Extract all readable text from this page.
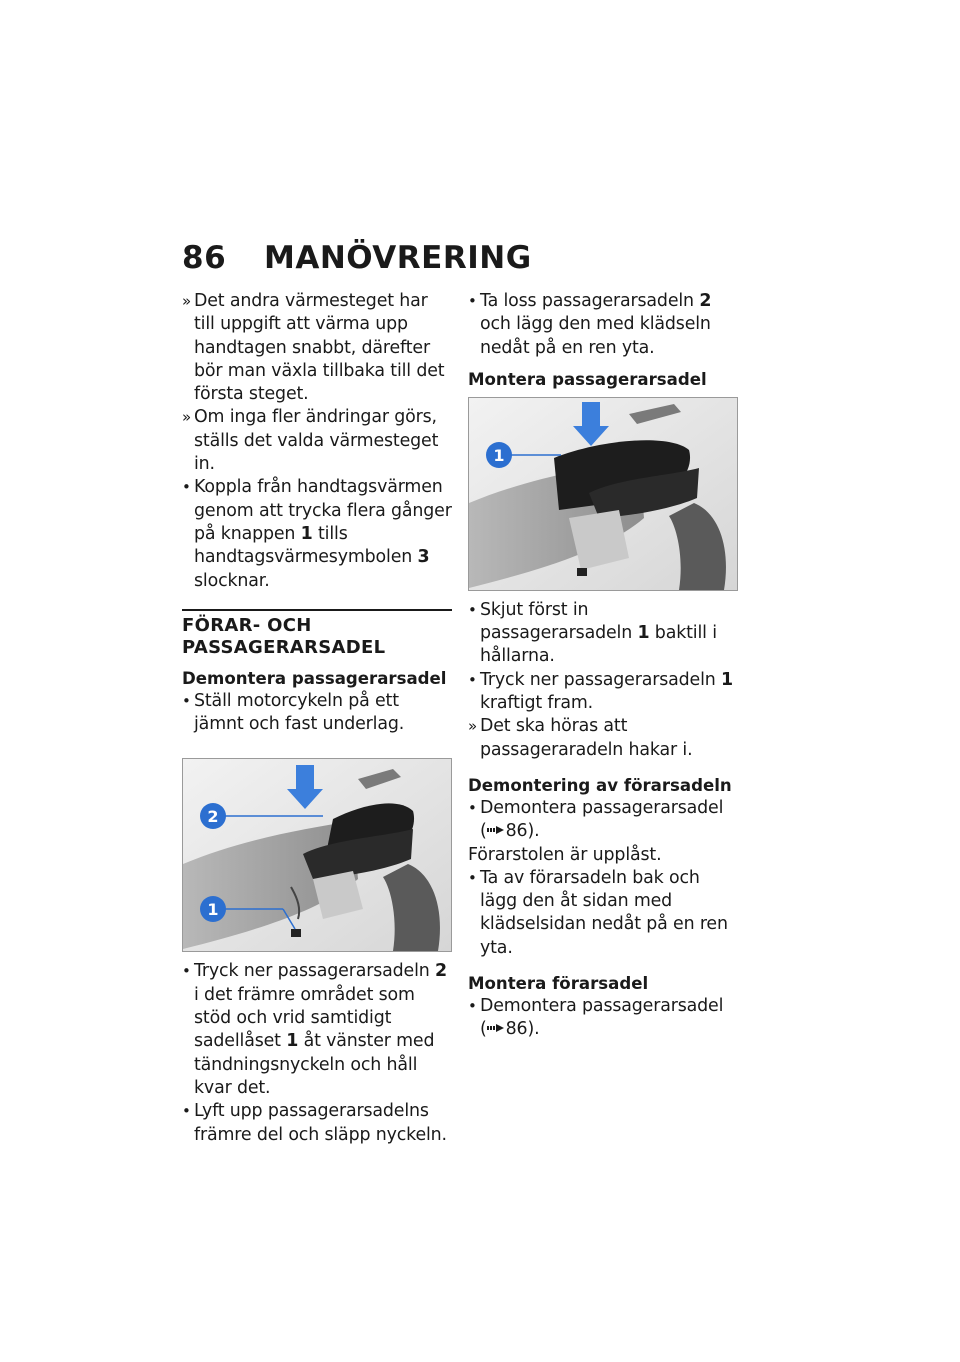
86	MANÖVRERING
» Det andra värmesteget har till uppgift att värma upp handtagen snabbt, därefter bör man växla tillbaka till det första steget.
» Om inga fler ändringar görs, ställs det valda värmesteget in.
• Koppla från handtagsvärmen genom att trycka flera gånger på knappen 1 tills handtagsvärmesymbolen 3 slocknar.
FÖRAR- OCH PASSAGERARSADEL
Demontera passagerarsadel
• Ställ motorcykeln på ett jämnt och fast underlag.
2
1
• Tryck ner passagerarsadeln 2 i det främre området som stöd och vrid samtidigt sadellåset 1 åt vänster med tändningsnyckeln och håll kvar det.
• Lyft upp passagerarsadelns främre del och släpp nyckeln.
• Ta loss passagerarsadeln 2 och lägg den med klädseln nedåt på en ren yta.
Montera passagerarsadel
1
• Skjut först in passagerarsadeln 1 baktill i hållarna.
• Tryck ner passagerarsadeln 1 kraftigt fram.
» Det ska höras att passageraradeln hakar i.
Demontering av förarsadeln
• Demontera passagerarsadel
( 86).
Förarstolen är upplåst.
• Ta av förarsadeln bak och lägg den åt sidan med klädselsidan nedåt på en ren yta.
Montera förarsadel
• Demontera passagerarsadel
( 86).
